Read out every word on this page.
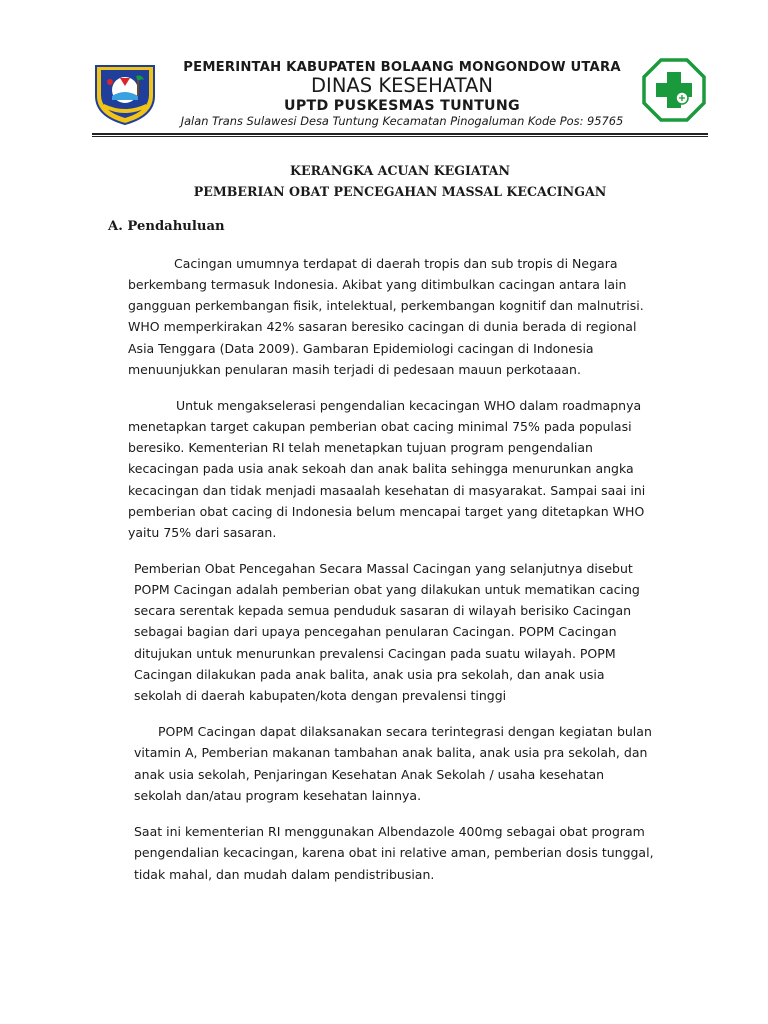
PEMERINTAH KABUPATEN BOLAANG MONGONDOW UTARA
DINAS KESEHATAN
UPTD PUSKESMAS TUNTUNG
Jalan Trans Sulawesi Desa Tuntung Kecamatan Pinogaluman Kode Pos: 95765
KERANGKA ACUAN KEGIATAN
PEMBERIAN OBAT PENCEGAHAN MASSAL KECACINGAN
A. Pendahuluan
Cacingan umumnya terdapat di daerah tropis dan sub tropis di Negara
berkembang termasuk Indonesia. Akibat yang ditimbulkan cacingan antara lain
gangguan perkembangan fisik, intelektual, perkembangan kognitif dan malnutrisi.
WHO memperkirakan 42% sasaran beresiko cacingan di dunia berada di regional
Asia Tenggara (Data 2009). Gambaran Epidemiologi cacingan di Indonesia
menuunjukkan penularan masih terjadi di pedesaan mauun perkotaaan.
Untuk mengakselerasi pengendalian kecacingan WHO dalam roadmapnya
menetapkan target cakupan pemberian obat cacing minimal 75% pada populasi
beresiko. Kementerian RI telah menetapkan tujuan program pengendalian
kecacingan pada usia anak sekoah dan anak balita sehingga menurunkan angka
kecacingan dan tidak menjadi masaalah kesehatan di masyarakat. Sampai saai ini
pemberian obat cacing di Indonesia belum mencapai target yang ditetapkan WHO
yaitu 75% dari sasaran.
Pemberian Obat Pencegahan Secara Massal Cacingan yang selanjutnya disebut
POPM Cacingan adalah pemberian obat yang dilakukan untuk mematikan cacing
secara serentak kepada semua penduduk sasaran di wilayah berisiko Cacingan
sebagai bagian dari upaya pencegahan penularan Cacingan. POPM Cacingan
ditujukan untuk menurunkan prevalensi Cacingan pada suatu wilayah. POPM
Cacingan dilakukan pada anak balita, anak usia pra sekolah, dan anak usia
sekolah di daerah kabupaten/kota dengan prevalensi tinggi
POPM Cacingan dapat dilaksanakan secara terintegrasi dengan kegiatan bulan
vitamin A, Pemberian makanan tambahan anak balita, anak usia pra sekolah, dan
anak usia sekolah, Penjaringan Kesehatan Anak Sekolah / usaha kesehatan
sekolah dan/atau program kesehatan lainnya.
Saat ini kementerian RI menggunakan Albendazole 400mg sebagai obat program
pengendalian kecacingan, karena obat ini relative aman, pemberian dosis tunggal,
tidak mahal, dan mudah dalam pendistribusian.
